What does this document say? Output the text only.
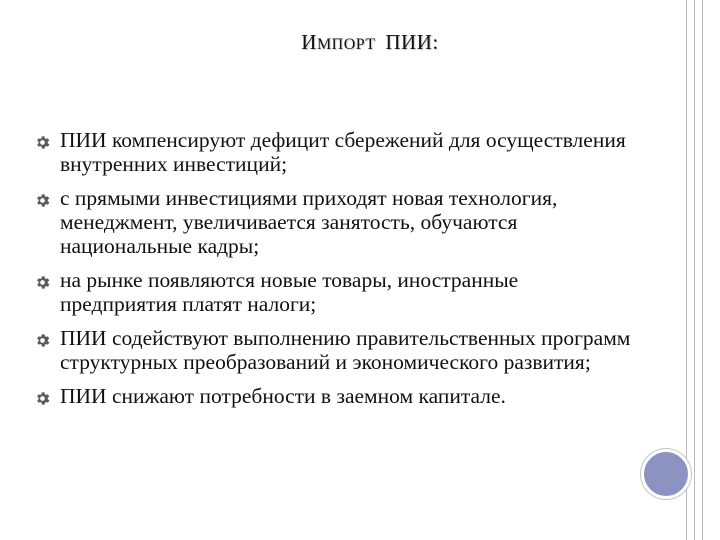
ИМПОРТ ПИИ:
ПИИ компенсируют дефицит сбережений для осуществления внутренних инвестиций;
с прямыми инвестициями приходят новая технология, менеджмент, увеличивается занятость, обучаются национальные кадры;
на рынке появляются новые товары, иностранные предприятия платят налоги;
ПИИ содействуют выполнению правительственных программ структурных преобразований и экономического развития;
ПИИ снижают потребности в заемном капитале.
